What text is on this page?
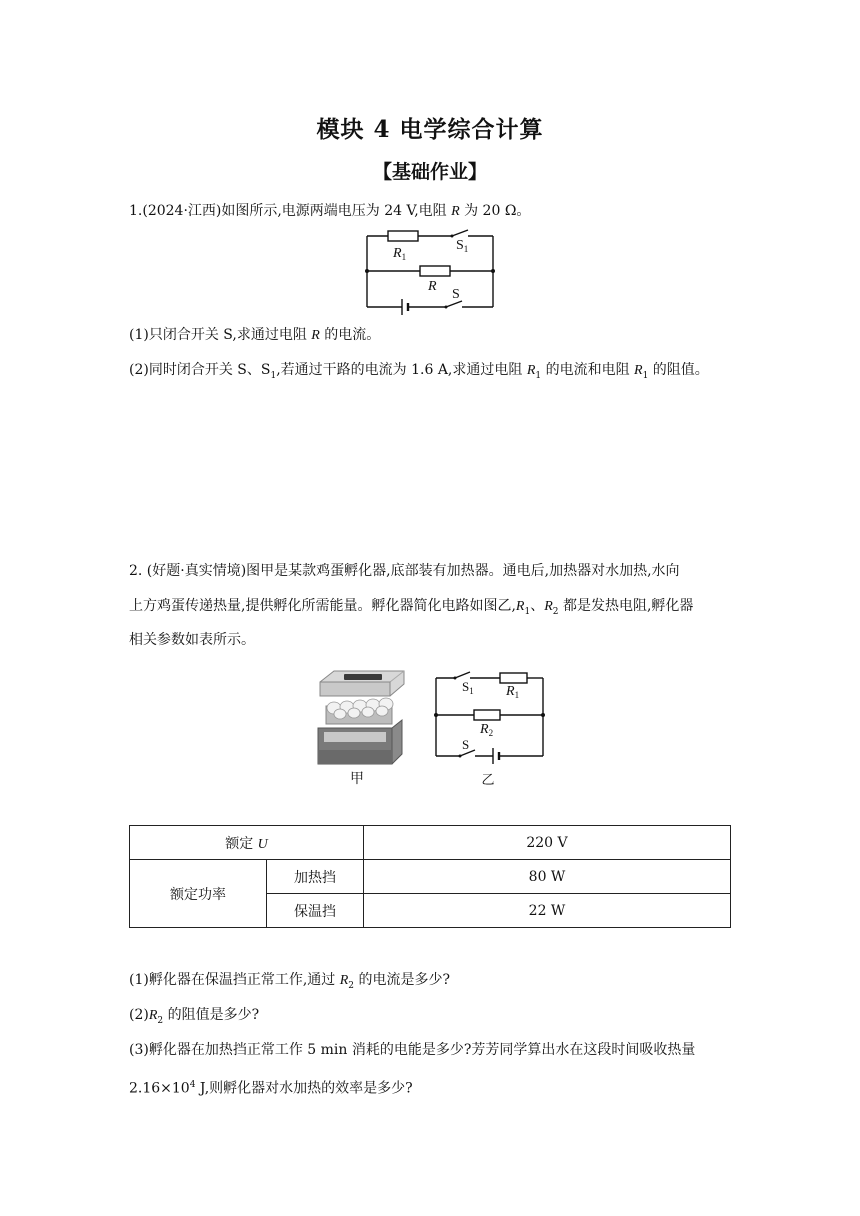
模块 4 电学综合计算
【基础作业】
1.(2024·江西)如图所示,电源两端电压为 24 V,电阻 R 为 20 Ω。
$R_1$
$S_1$
R
S
(1)只闭合开关 S,求通过电阻 R 的电流。
(2)同时闭合开关 S、$S_1$,若通过干路的电流为 1.6 A,求通过电阻 $R_1$ 的电流和电阻 $R_1$ 的阻值。
2. (好题·真实情境)图甲是某款鸡蛋孵化器,底部装有加热器。通电后,加热器对水加热,水向
上方鸡蛋传递热量,提供孵化所需能量。孵化器简化电路如图乙$,R_1$、$R_2$ 都是发热电阻,孵化器
相关参数如表所示。
甲
$S_1$ $R_1$
$R_2$
S
乙
额定 U		220 V
额定功率	加热挡	80 W
	保温挡	22 W
(1)孵化器在保温挡正常工作,通过 $R_2$ 的电流是多少?
$(2)R_2$ 的阻值是多少?
(3)孵化器在加热挡正常工作 5 min 消耗的电能是多少?芳芳同学算出水在这段时间吸收热量
$2.16\times 10^4$ J,则孵化器对水加热的效率是多少?
